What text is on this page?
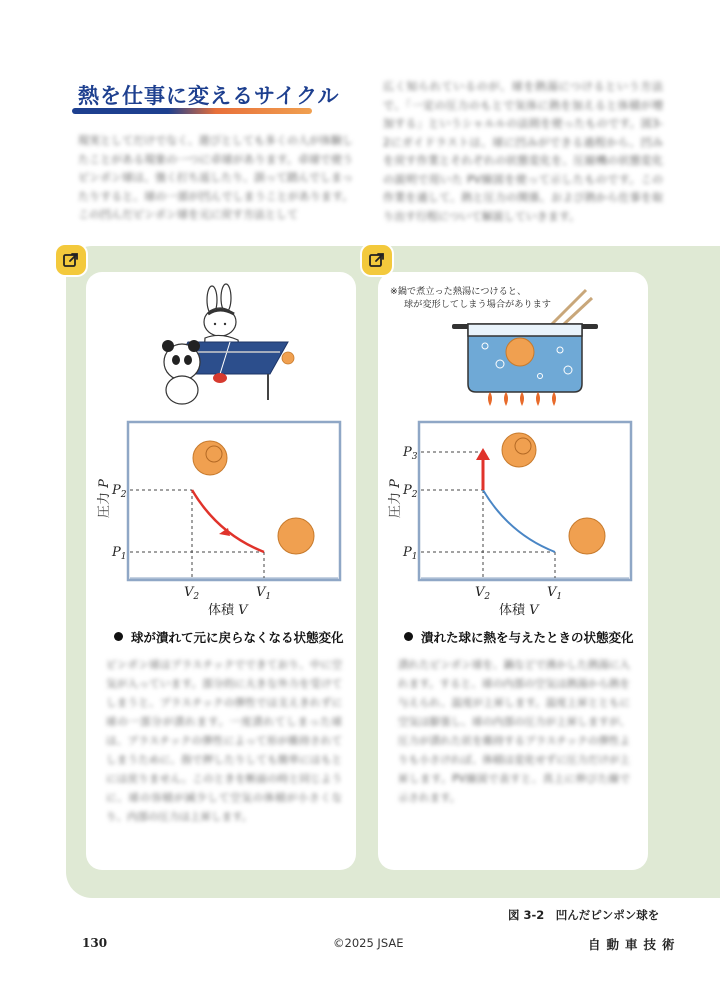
熱を仕事に変えるサイクル
現実としてだけでなく、遊びとしても多くの人が体験したことがある現象の一つに卓球があります。卓球で使うピンポン球は、強く打ち返したり、誤って踏んでしまったりすると、球の一部が凹んでしまうことがあります。この凹んだピンポン球を元に戻す方法として
広く知られているのが、球を熱湯につけるという方法で、「一定の圧力のもとで気体に熱を加えると体積が増加する」というシャルルの法則を使ったものです。図3-2にガイドラストは、球に凹みができる過程から、凹みを戻す作業とそれぞれの状態変化を、圧縮機の状態変化の説明で用いた PV線図を使って示したものです。この作業を通して、熱と圧力の関係、および熱から仕事を取り出す行程について解説していきます。
※鍋で煮立った熱湯につけると、
球が変形してしまう場合があります
$P_2$
$P_1$
$V_2$	$V_1$
体積 V
圧力 P
$P_3$
$P_2$
$P_1$
$V_2$	$V_1$
体積 V
圧力 P
球が潰れて元に戻らなくなる状態変化	潰れた球に熱を与えたときの状態変化
ピンポン球はプラスチックでできており、中に空気が入っています。部分的に大きな外力を受けてしまうと、プラスチックの弾性では支えきれずに球の一部分が潰れます。一度潰れてしまった球は、プラスチックの弾性によって形が維持されてしまうために、指で押したりしても簡単にはもとには戻りません。このときを断面の時と同じように、球の容積が減少して空気の体積が小さくなり、内部の圧力は上昇します。
潰れたピンポン球を、鍋などで沸かした熱湯に入れます。すると、球の内部の空気は熱湯から熱を与えられ、温度が上昇します。温度上昇とともに空気は膨張し、球の内部の圧力が上昇しますが、圧力が潰れた状を維持するプラスチックの弾性よりも小さければ、体積は変化せずに圧力だけが上昇します。PV線図で表すと、真上に伸びた線で示されます。
図 3-2　凹んだピンポン球を
130	©2025 JSAE	自動車技術
